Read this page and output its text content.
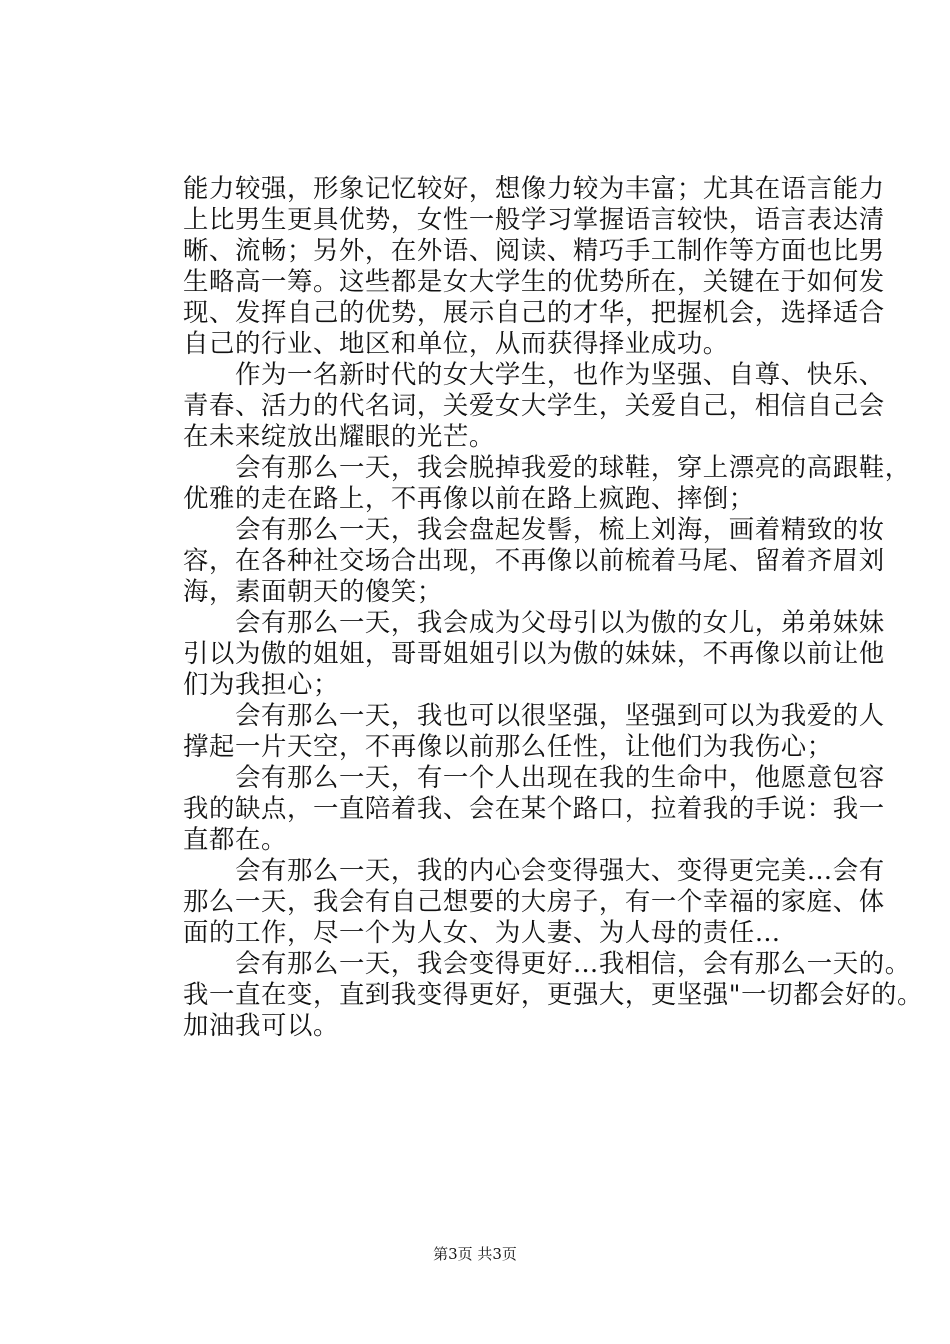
能力较强，形象记忆较好，想像力较为丰富；尤其在语言能力
上比男生更具优势，女性一般学习掌握语言较快，语言表达清
晰、流畅；另外，在外语、阅读、精巧手工制作等方面也比男
生略高一筹。这些都是女大学生的优势所在，关键在于如何发
现、发挥自己的优势，展示自己的才华，把握机会，选择适合
自己的行业、地区和单位，从而获得择业成功。
　　作为一名新时代的女大学生，也作为坚强、自尊、快乐、
青春、活力的代名词，关爱女大学生，关爱自己，相信自己会
在未来绽放出耀眼的光芒。
　　会有那么一天，我会脱掉我爱的球鞋，穿上漂亮的高跟鞋，
优雅的走在路上，不再像以前在路上疯跑、摔倒；
　　会有那么一天，我会盘起发髻，梳上刘海，画着精致的妆
容，在各种社交场合出现，不再像以前梳着马尾、留着齐眉刘
海，素面朝天的傻笑；
　　会有那么一天，我会成为父母引以为傲的女儿，弟弟妹妹
引以为傲的姐姐，哥哥姐姐引以为傲的妹妹，不再像以前让他
们为我担心；
　　会有那么一天，我也可以很坚强，坚强到可以为我爱的人
撑起一片天空，不再像以前那么任性，让他们为我伤心；
　　会有那么一天，有一个人出现在我的生命中，他愿意包容
我的缺点，一直陪着我、会在某个路口，拉着我的手说：我一
直都在。
　　会有那么一天，我的内心会变得强大、变得更完美…会有
那么一天，我会有自己想要的大房子，有一个幸福的家庭、体
面的工作，尽一个为人女、为人妻、为人母的责任…
　　会有那么一天，我会变得更好…我相信，会有那么一天的。
我一直在变，直到我变得更好，更强大，更坚强"一切都会好的。
加油我可以。
第3页 共3页
